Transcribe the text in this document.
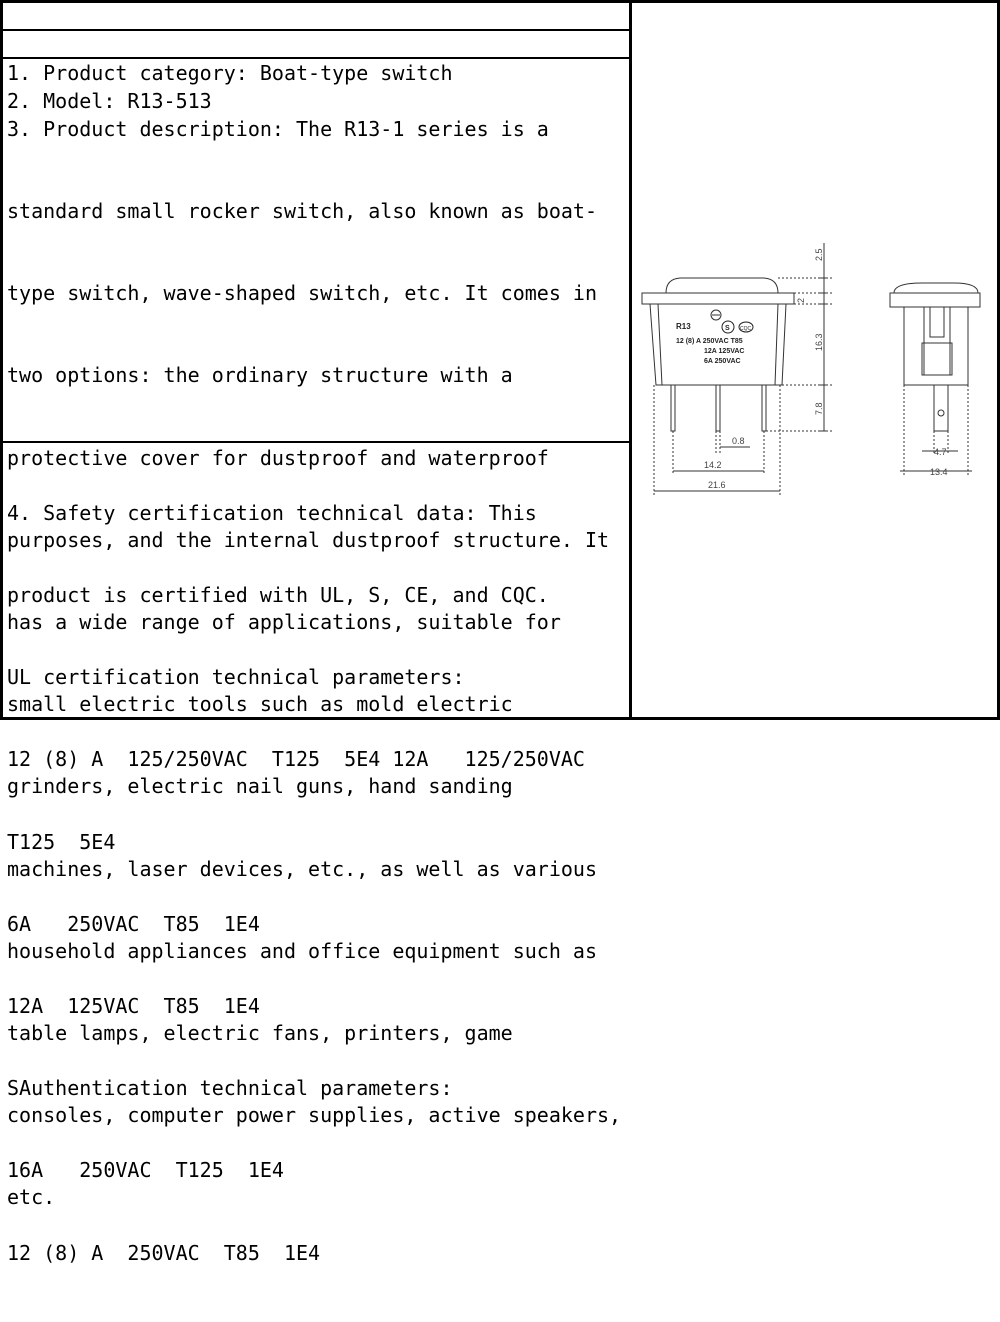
1. Product category: Boat-type switch

2. Model: R13-513

3. Product description: The R13-1 series is a

standard small rocker switch, also known as boat-

type switch, wave-shaped switch, etc. It comes in

two options: the ordinary structure with a

protective cover for dustproof and waterproof

purposes, and the internal dustproof structure. It

has a wide range of applications, suitable for

small electric tools such as mold electric

grinders, electric nail guns, hand sanding

machines, laser devices, etc., as well as various

household appliances and office equipment such as

table lamps, electric fans, printers, game

consoles, computer power supplies, active speakers,

etc.

4. Safety certification technical data: This

product is certified with UL, S, CE, and CQC.

UL certification technical parameters:

12 (8) A  125/250VAC  T125  5E4 12A   125/250VAC

T125  5E4

6A   250VAC  T85  1E4

12A  125VAC  T85  1E4

SAuthentication technical parameters:

16A   250VAC  T125  1E4

12 (8) A  250VAC  T85  1E4

R13	S CQC
12 (8) A 250VAC T85
12A 125VAC
6A 250VAC
2.5
2
16.3
7.8
0.8
14.2
21.6
4.7
13.4
